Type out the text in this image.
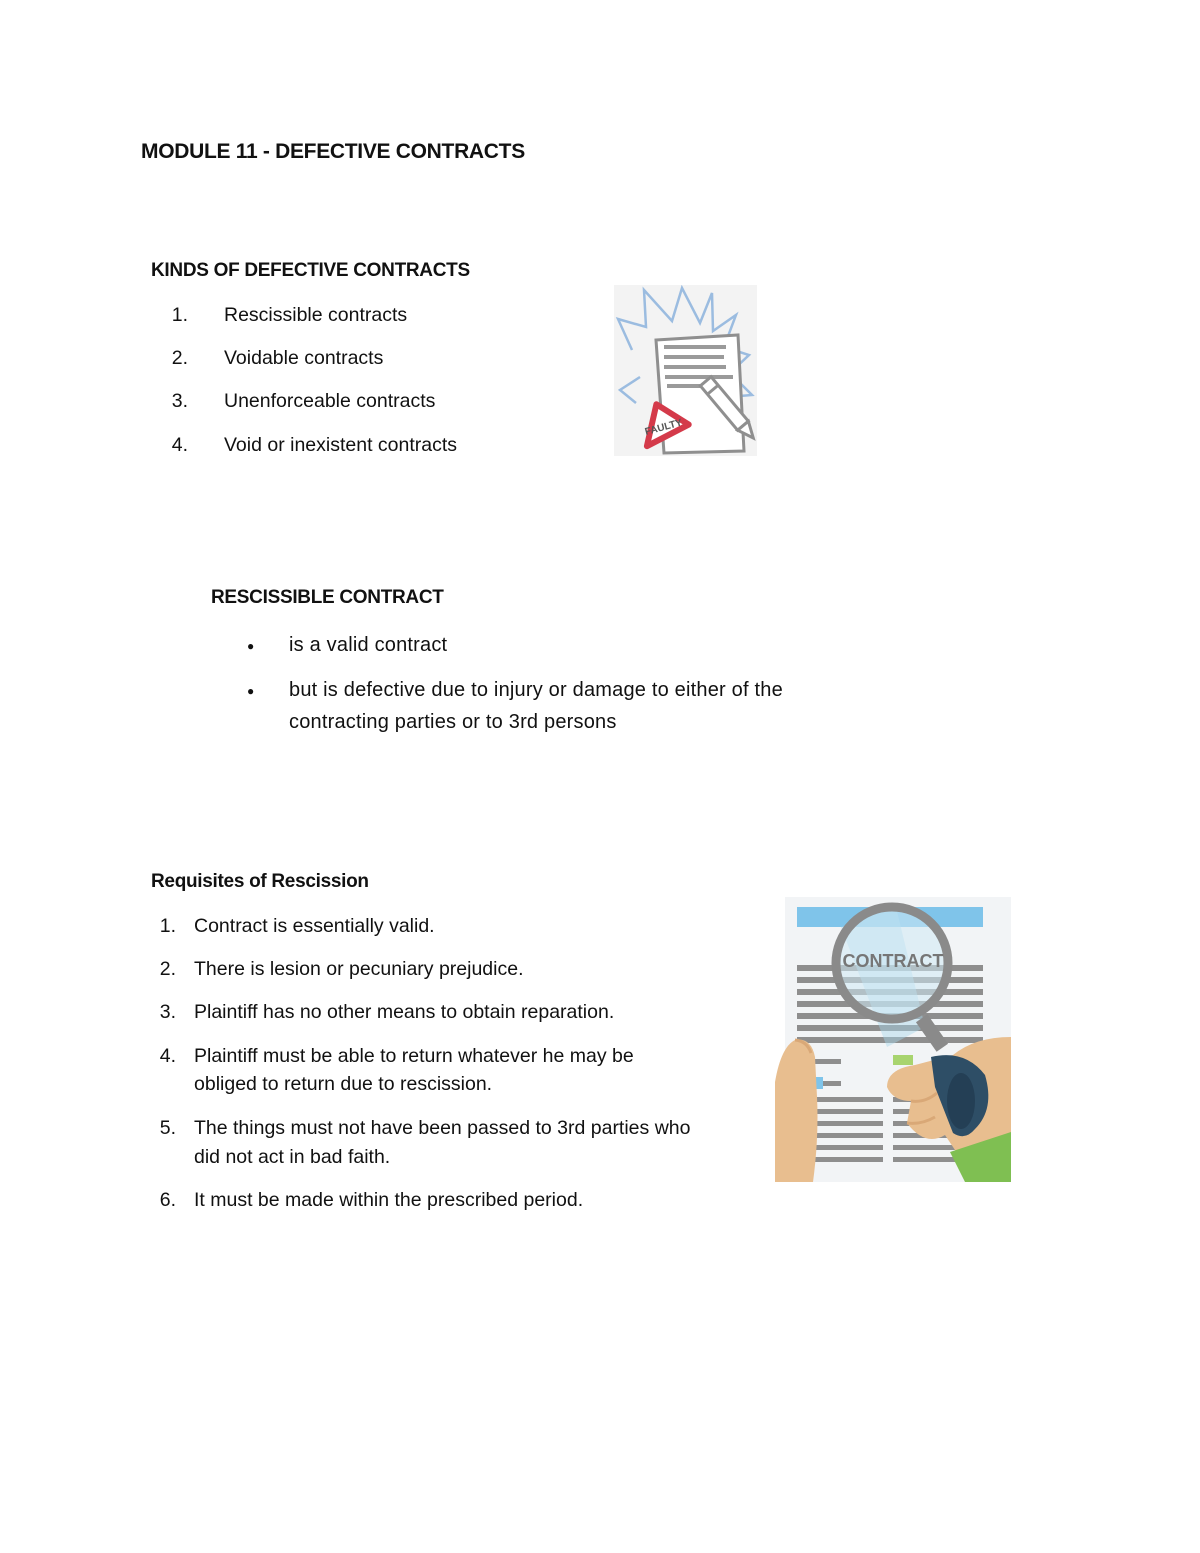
MODULE 11 - DEFECTIVE CONTRACTS
KINDS OF DEFECTIVE CONTRACTS
1. Rescissible contracts
2. Voidable contracts
3. Unenforceable contracts
4. Void or inexistent contracts
FAULTY
RESCISSIBLE CONTRACT
● is a valid contract
● but is defective due to injury or damage to either of the
contracting parties or to 3rd persons
Requisites of Rescission
1. Contract is essentially valid.
2. There is lesion or pecuniary prejudice.
3. Plaintiff has no other means to obtain reparation.
4. Plaintiff must be able to return whatever he may be
obliged to return due to rescission.
5. The things must not have been passed to 3rd parties who
did not act in bad faith.
6. It must be made within the prescribed period.
CONTRACT
